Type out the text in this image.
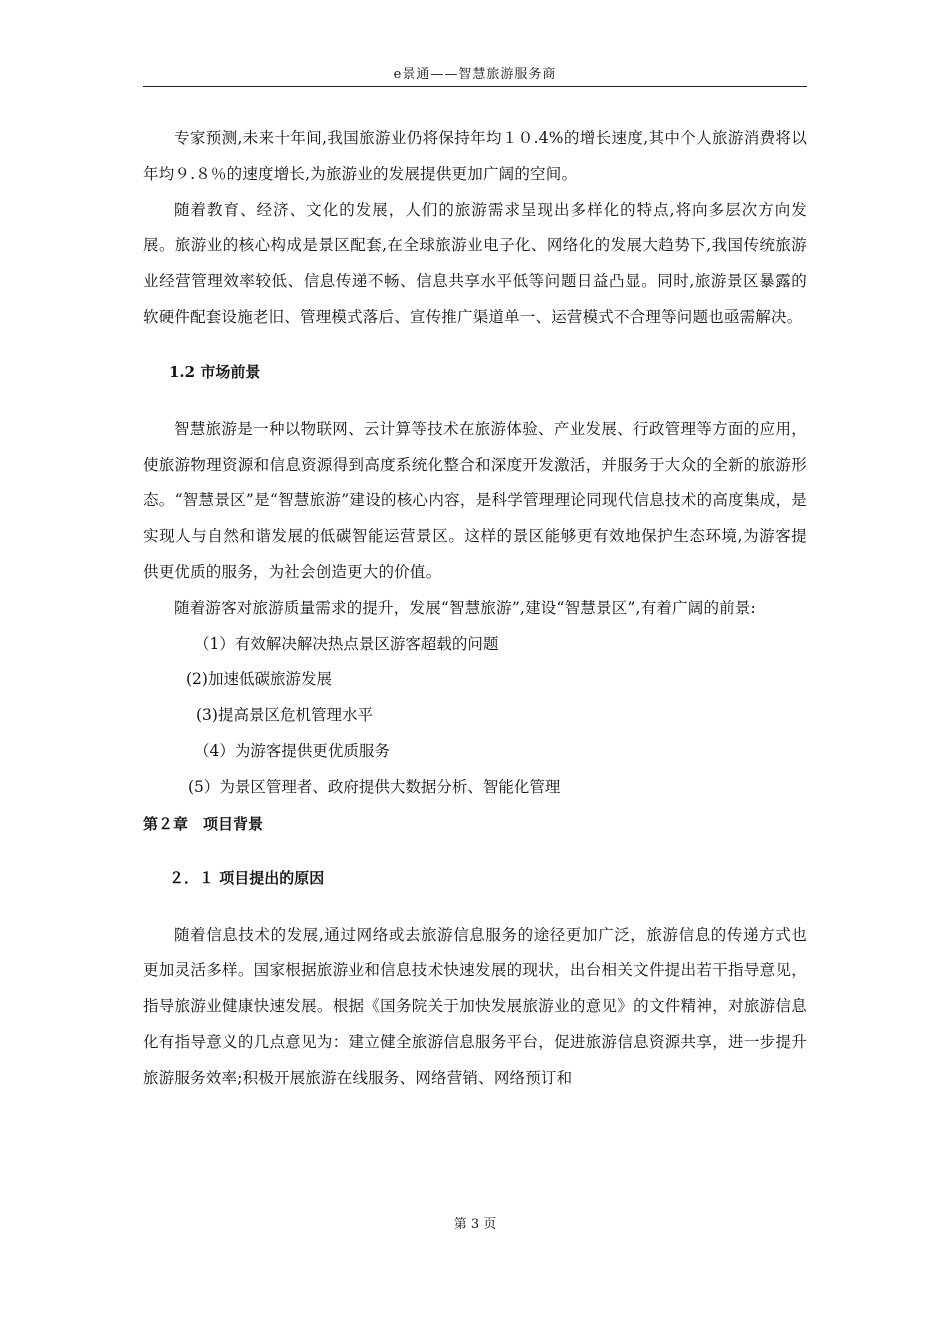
e景通——智慧旅游服务商

专家预测,未来十年间,我国旅游业仍将保持年均１０.4%的增长速度,其中个人旅游消费将以年均９.８％的速度增长,为旅游业的发展提供更加广阔的空间。

随着教育、经济、文化的发展，人们的旅游需求呈现出多样化的特点,将向多层次方向发展。旅游业的核心构成是景区配套,在全球旅游业电子化、网络化的发展大趋势下,我国传统旅游业经营管理效率较低、信息传递不畅、信息共享水平低等问题日益凸显。同时,旅游景区暴露的软硬件配套设施老旧、管理模式落后、宣传推广渠道单一、运营模式不合理等问题也亟需解决。

1.2 市场前景

智慧旅游是一种以物联网、云计算等技术在旅游体验、产业发展、行政管理等方面的应用，使旅游物理资源和信息资源得到高度系统化整合和深度开发激活，并服务于大众的全新的旅游形态。“智慧景区”是“智慧旅游”建设的核心内容，是科学管理理论同现代信息技术的高度集成，是实现人与自然和谐发展的低碳智能运营景区。这样的景区能够更有效地保护生态环境,为游客提供更优质的服务，为社会创造更大的价值。

随着游客对旅游质量需求的提升，发展“智慧旅游”,建设“智慧景区”,有着广阔的前景:

（1）有效解决解决热点景区游客超载的问题

(2)加速低碳旅游发展

(3)提高景区危机管理水平

（4）为游客提供更优质服务

(5）为景区管理者、政府提供大数据分析、智能化管理

第２章　项目背景

２．１ 项目提出的原因

随着信息技术的发展,通过网络或去旅游信息服务的途径更加广泛，旅游信息的传递方式也更加灵活多样。国家根据旅游业和信息技术快速发展的现状，出台相关文件提出若干指导意见，指导旅游业健康快速发展。根据《国务院关于加快发展旅游业的意见》的文件精神，对旅游信息化有指导意义的几点意见为：建立健全旅游信息服务平台，促进旅游信息资源共享，进一步提升旅游服务效率;积极开展旅游在线服务、网络营销、网络预订和

第 3 页
